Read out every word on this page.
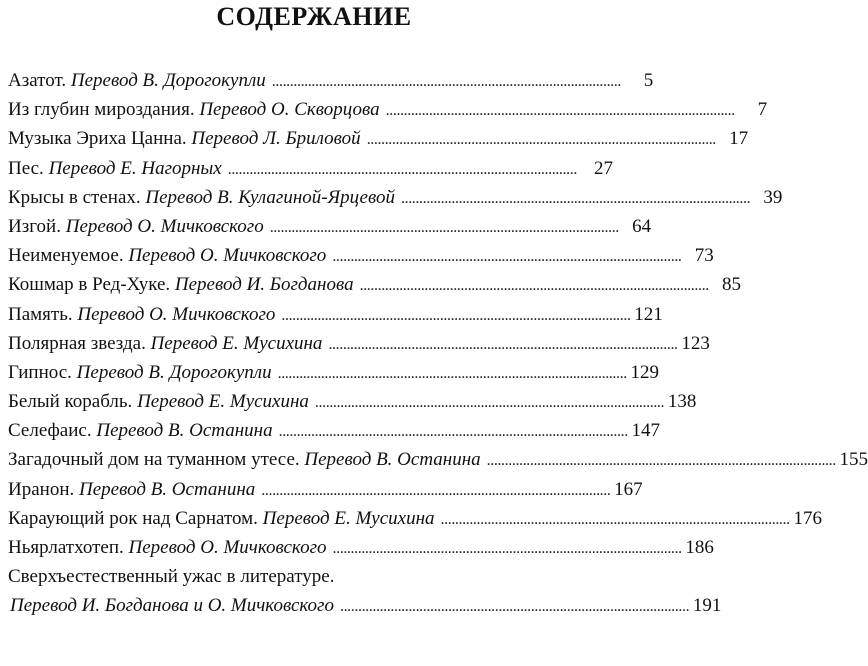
СОДЕРЖАНИЕ
Азатот. Перевод В. Дорогокупли . . .	5
Из глубин мироздания. Перевод О. Скворцова . . .	7
Музыка Эриха Цанна. Перевод Л. Бриловой . . .	17
Пес. Перевод Е. Нагорных . . .	27
Крысы в стенах. Перевод В. Кулагиной-Ярцевой . . .	39
Изгой. Перевод О. Мичковского . . .	64
Неименуемое. Перевод О. Мичковского . . .	73
Кошмар в Ред-Хуке. Перевод И. Богданова . . .	85
Память. Перевод О. Мичковского . . .	121
Полярная звезда. Перевод Е. Мусихина . . .	123
Гипнос. Перевод В. Дорогокупли . . .	129
Белый корабль. Перевод Е. Мусихина . . .	138
Селефаис. Перевод В. Останина . . .	147
Загадочный дом на туманном утесе. Перевод В. Останина . . .	155
Иранон. Перевод В. Останина . . .	167
Караующий рок над Сарнатом. Перевод Е. Мусихина . . .	176
Ньярлатхотеп. Перевод О. Мичковского . . .	186
Сверхъестественный ужас в литературе.
Перевод И. Богданова и О. Мичковского . . .	191
